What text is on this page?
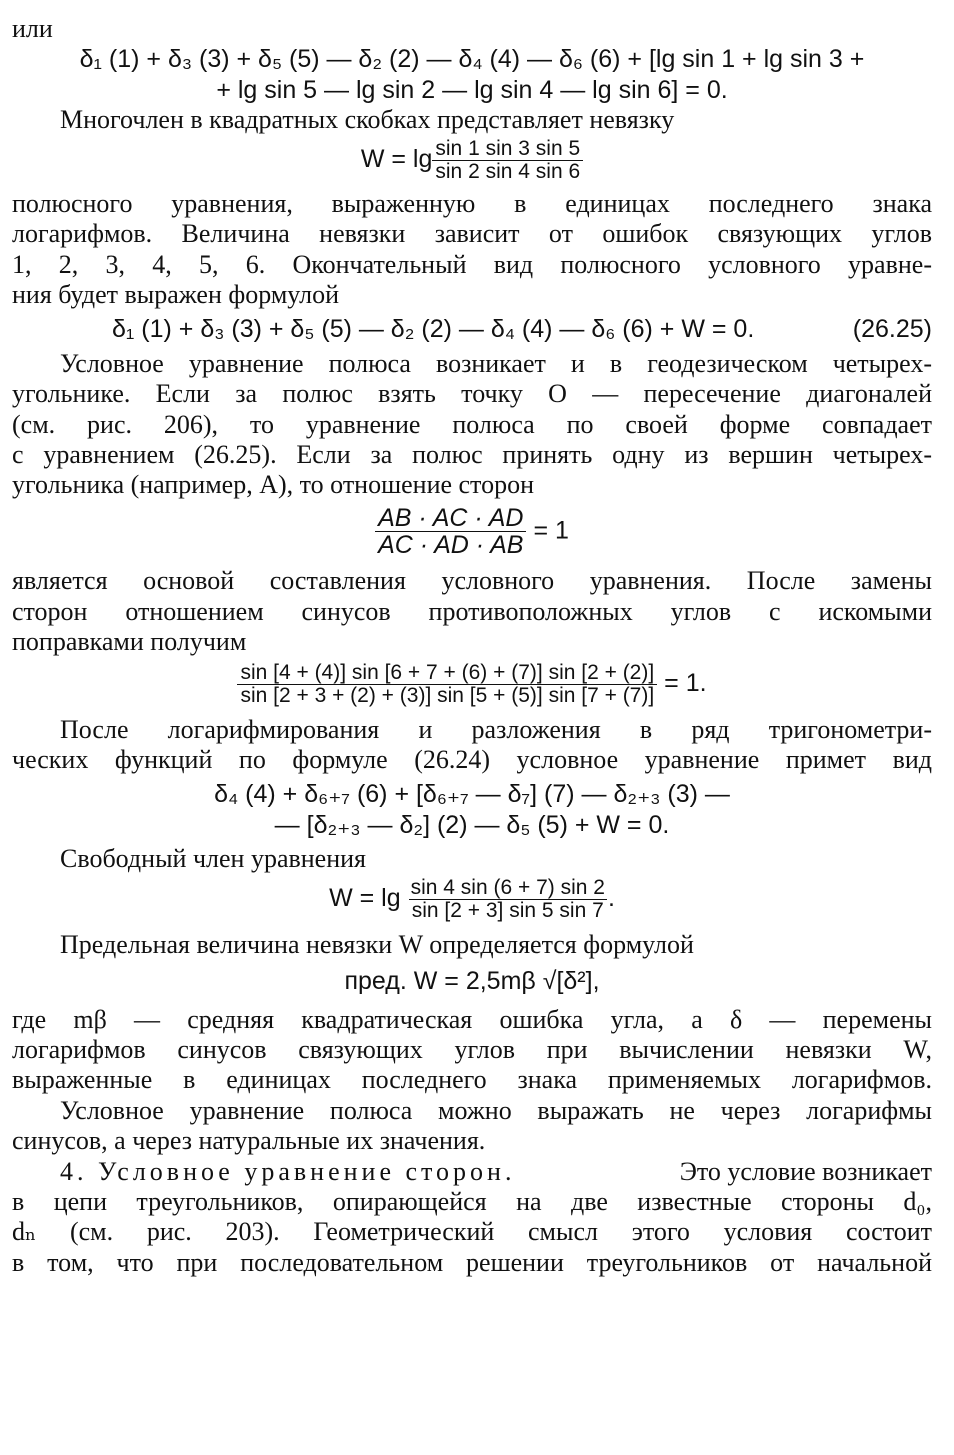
или
δ₁ (1) + δ₃ (3) + δ₅ (5) — δ₂ (2) — δ₄ (4) — δ₆ (6) + [lg sin 1 + lg sin 3 +
+ lg sin 5 — lg sin 2 — lg sin 4 — lg sin 6] = 0.
Многочлен в квадратных скобках представляет невязку
$W = \lg \frac{\sin 1 \sin 3 \sin 5}{\sin 2 \sin 4 \sin 6}$
полюсного уравнения, выраженную в единицах последнего знака
логарифмов. Величина невязки зависит от ошибок связующих углов
1, 2, 3, 4, 5, 6. Окончательный вид полюсного условного уравне-
ния будет выражен формулой
δ₁ (1) + δ₃ (3) + δ₅ (5) — δ₂ (2) — δ₄ (4) — δ₆ (6) + W = 0.	(26.25)
Условное уравнение полюса возникает и в геодезическом четырех-
угольнике. Если за полюс взять точку O — пересечение диагоналей
(см. рис. 206), то уравнение полюса по своей форме совпадает
с уравнением (26.25). Если за полюс принять одну из вершин четырех-
угольника (например, A), то отношение сторон
$\frac{AB \cdot AC \cdot AD}{AC \cdot AD \cdot AB} = 1$
является основой составления условного уравнения. После замены
сторон отношением синусов противоположных углов с искомыми
поправками получим
$\frac{\sin [4 + (4)] \sin [6 + 7 + (6) + (7)] \sin [2 + (2)]}{\sin [2 + 3 + (2) + (3)] \sin [5 + (5)] \sin [7 + (7)]} = 1$.
После логарифмирования и разложения в ряд тригонометри-
ческих функций по формуле (26.24) условное уравнение примет вид
δ₄ (4) + δ₆₊₇ (6) + [δ₆₊₇ — δ₇] (7) — δ₂₊₃ (3) —
— [δ₂₊₃ — δ₂] (2) — δ₅ (5) + W = 0.
Свободный член уравнения
$W = \lg \frac{\sin 4 \sin (6 + 7) \sin 2}{\sin [2 + 3] \sin 5 \sin 7}$ .
Предельная величина невязки W определяется формулой
пред. W = 2,5mβ √[δ²],
где mβ — средняя квадратическая ошибка угла, а δ — перемены
логарифмов синусов связующих углов при вычислении невязки W,
выраженные в единицах последнего знака применяемых логарифмов.
Условное уравнение полюса можно выражать не через логарифмы
синусов, а через натуральные их значения.
4. Условное уравнение сторон.	Это условие возникает
в цепи треугольников, опирающейся на две известные стороны d₀,
dₙ (см. рис. 203). Геометрический смысл этого условия состоит
в том, что при последовательном решении треугольников от начальной
